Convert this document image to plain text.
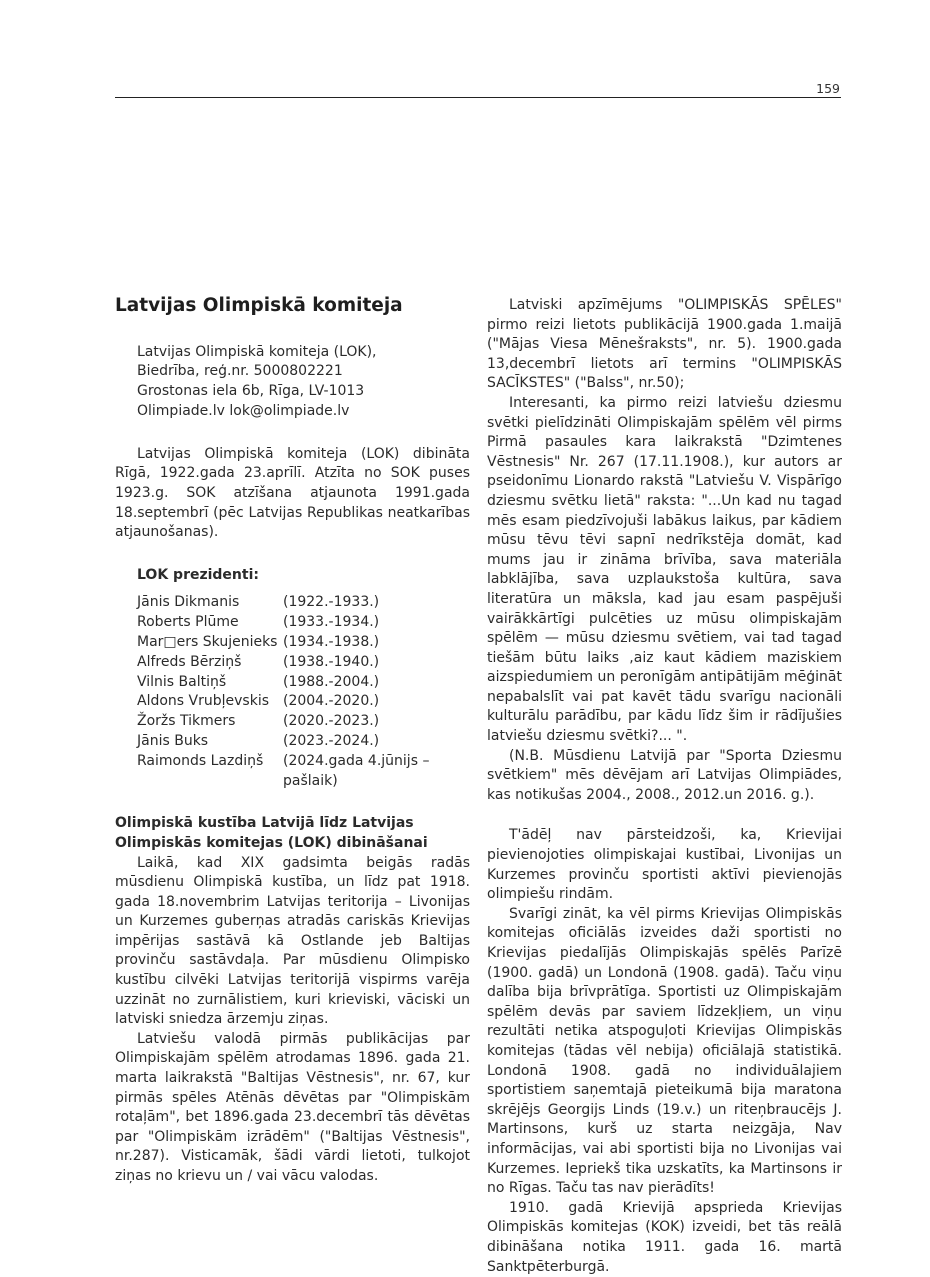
159
Latvijas Olimpiskā komiteja
Latvijas Olimpiskā komiteja (LOK),
Biedrība, reģ.nr. 5000802221
Grostonas iela 6b, Rīga, LV-1013
Olimpiade.lv lok@olimpiade.lv

Latvijas Olimpiskā komiteja (LOK) dibināta Rīgā, 1922.gada 23.aprīlī. Atzīta no SOK puses 1923.g. SOK atzīšana atjaunota 1991.gada 18.septembrī (pēc Latvijas Republikas neatkarības atjaunošanas).

LOK prezidenti:
Jānis Dikmanis	(1922.-1933.)
Roberts Plūme	(1933.-1934.)
Mar□ers Skujenieks	(1934.-1938.)
Alfreds Bērziņš	(1938.-1940.)
Vilnis Baltiņš	(1988.-2004.)
Aldons Vrubļevskis	(2004.-2020.)
Žoržs Tikmers	(2020.-2023.)
Jānis Buks	(2023.-2024.)
Raimonds Lazdiņš	(2024.gada 4.jūnijs – pašlaik)
Olimpiskā kustība Latvijā līdz Latvijas Olimpiskās komitejas (LOK) dibināšanai

Laikā, kad XIX gadsimta beigās radās mūsdienu Olimpiskā kustība, un līdz pat 1918. gada 18.novembrim Latvijas teritorija – Livonijas un Kurzemes guberņas atradās cariskās Krievijas impērijas sastāvā kā Ostlande jeb Baltijas provinču sastāvdaļa. Par mūsdienu Olimpisko kustību cilvēki Latvijas teritorijā vispirms varēja uzzināt no zurnālistiem, kuri krieviski, vāciski un latviski sniedza ārzemju ziņas.

Latviešu valodā pirmās publikācijas par Olimpiskajām spēlēm atrodamas 1896. gada 21. marta laikrakstā "Baltijas Vēstnesis", nr. 67, kur pirmās spēles Atēnās dēvētas par "Olimpiskām rotaļām", bet 1896.gada 23.decembrī tās dēvētas par "Olimpiskām izrādēm" ("Baltijas Vēstnesis", nr.287). Visticamāk, šādi vārdi lietoti, tulkojot ziņas no krievu un / vai vācu valodas.

Latviski apzīmējums "OLIMPISKĀS SPĒLES" pirmo reizi lietots publikācijā 1900.gada 1.maijā ("Mājas Viesa Mēnešraksts", nr. 5). 1900.gada 13,decembrī lietots arī termins "OLIMPISKĀS SACĪKSTES" ("Balss", nr.50);

Interesanti, ka pirmo reizi latviešu dziesmu svētki pielīdzināti Olimpiskajām spēlēm vēl pirms Pirmā pasaules kara laikrakstā "Dzimtenes Vēstnesis" Nr. 267 (17.11.1908.), kur autors ar pseidonīmu Lionardo rakstā "Latviešu V. Vispārīgo dziesmu svētku lietā" raksta: "...Un kad nu tagad mēs esam piedzīvojuši labākus laikus, par kādiem mūsu tēvu tēvi sapnī nedrīkstēja domāt, kad mums jau ir zināma brīvība, sava materiāla labklājība, sava uzplaukstoša kultūra, sava literatūra un māksla, kad jau esam paspējuši vairākkārtīgi pulcēties uz mūsu olimpiskajām spēlēm — mūsu dziesmu svētiem, vai tad tagad tiešām būtu laiks ,aiz kaut kādiem maziskiem aizspiedumiem un peronīgām antipātijām mēģināt nepabalslīt vai pat kavēt tādu svarīgu nacionāli kulturālu parādību, par kādu līdz šim ir rādījušies latviešu dziesmu svētki?... ".

(N.B. Mūsdienu Latvijā par "Sporta Dziesmu svētkiem" mēs dēvējam arī Latvijas Olimpiādes, kas notikušas 2004., 2008., 2012.un 2016. g.).

T'ādēļ nav pārsteidzoši, ka, Krievijai pievienojoties olimpiskajai kustībai, Livonijas un Kurzemes provinču sportisti aktīvi pievienojās olimpiešu rindām.

Svarīgi zināt, ka vēl pirms Krievijas Olimpiskās komitejas oficiālās izveides daži sportisti no Krievijas piedalījās Olimpiskajās spēlēs Parīzē (1900. gadā) un Londonā (1908. gadā). Taču viņu dalība bija brīvprātīga. Sportisti uz Olimpiskajām spēlēm devās par saviem līdzekļiem, un viņu rezultāti netika atspoguļoti Krievijas Olimpiskās komitejas (tādas vēl nebija) oficiālajā statistikā. Londonā 1908. gadā no individuālajiem sportistiem saņemtajā pieteikumā bija maratona skrējējs Georgijs Linds (19.v.) un riteņbraucējs J. Martinsons, kurš uz starta neizgāja, Nav informācijas, vai abi sportisti bija no Livonijas vai Kurzemes. Iepriekš tika uzskatīts, ka Martinsons ir no Rīgas. Taču tas nav pierādīts!

1910. gadā Krievijā apsprieda Krievijas Olimpiskās komitejas (KOK) izveidi, bet tās reālā dibināšana notika 1911. gada 16. martā Sanktpēterburgā.
